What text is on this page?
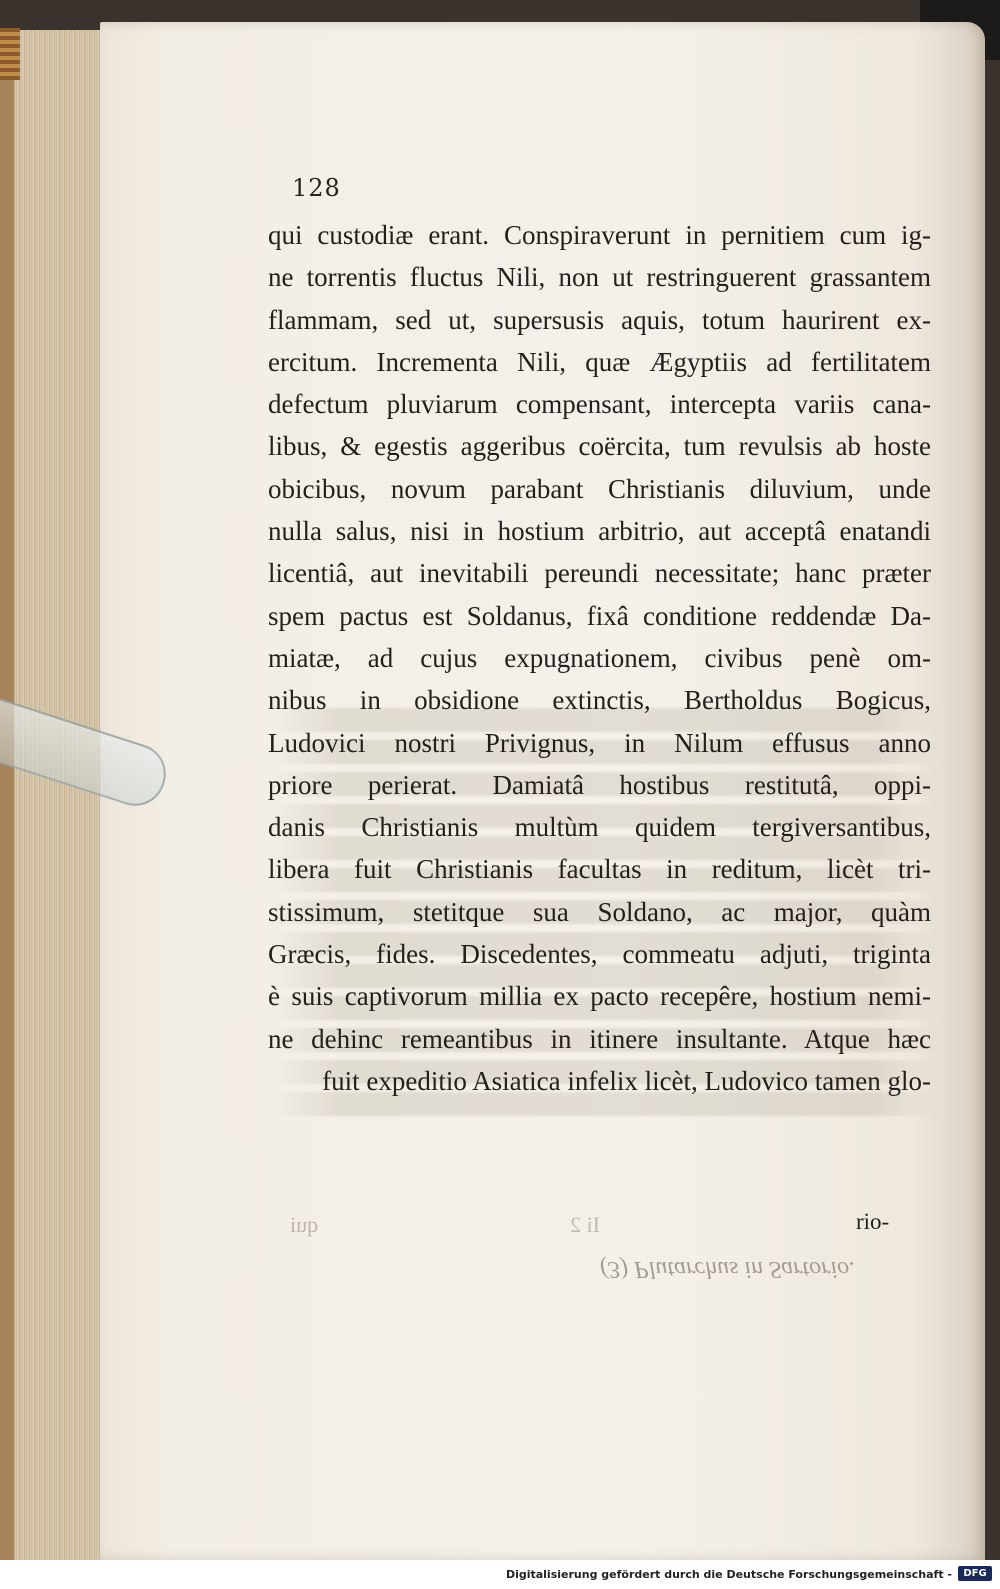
128
qui custodiæ erant. Conspiraverunt in pernitiem cum ig-
ne torrentis fluctus Nili, non ut restringuerent grassantem
flammam, sed ut, supersusis aquis, totum haurirent ex-
ercitum. Incrementa Nili, quæ Ægyptiis ad fertilitatem
defectum pluviarum compensant, intercepta variis cana-
libus, & egestis aggeribus coërcita, tum revulsis ab hoste
obicibus, novum parabant Christianis diluvium, unde
nulla salus, nisi in hostium arbitrio, aut acceptâ enatandi
licentiâ, aut inevitabili pereundi necessitate; hanc præter
spem pactus est Soldanus, fixâ conditione reddendæ Da-
miatæ, ad cujus expugnationem, civibus penè om-
nibus in obsidione extinctis, Bertholdus Bogicus,
Ludovici nostri Privignus, in Nilum effusus anno
priore perierat. Damiatâ hostibus restitutâ, oppi-
danis Christianis multùm quidem tergiversantibus,
libera fuit Christianis facultas in reditum, licèt tri-
stissimum, stetitque sua Soldano, ac major, quàm
Græcis, fides. Discedentes, commeatu adjuti, triginta
è suis captivorum millia ex pacto recepêre, hostium nemi-
ne dehinc remeantibus in itinere insultante. Atque hæc
fuit expeditio Asiatica infelix licèt, Ludovico tamen glo-
rio-
qui	Ii 2
(3) Plutarchus in Sartorio.
Digitalisierung gefördert durch die Deutsche Forschungsgemeinschaft -	DFG
